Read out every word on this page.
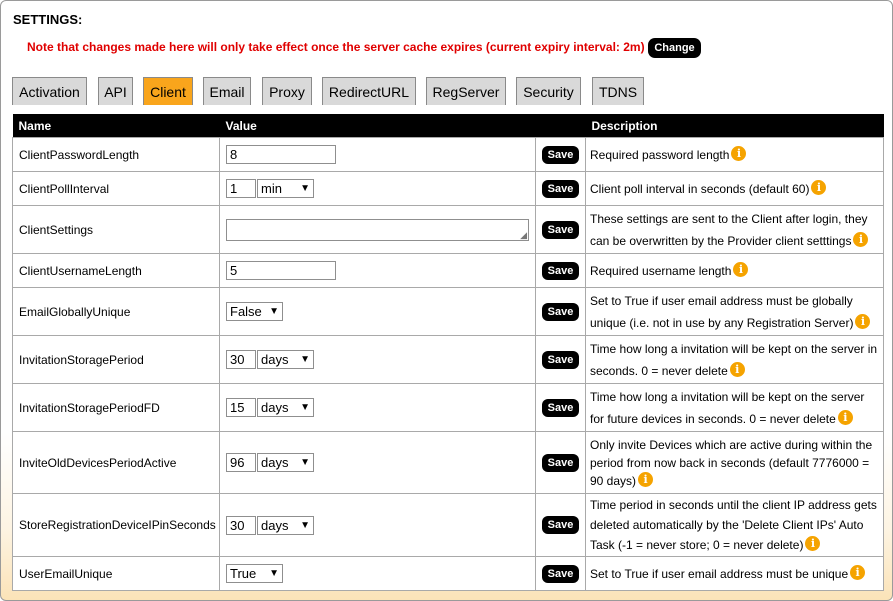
SETTINGS:
Note that changes made here will only take effect once the server cache expires (current expiry interval: 2m) Change
Activation	API	Client	Email	Proxy	RedirectURL	RegServer	Security	TDNS
Name	Value		Description
ClientPasswordLength	8	Save	Required password length i
ClientPollInterval	1 min ▼	Save	Client poll interval in seconds (default 60) i
ClientSettings	◢	Save	These settings are sent to the Client after login, they can be overwritten by the Provider client setttings i
ClientUsernameLength	5	Save	Required username length i
EmailGloballyUnique	False ▼	Save	Set to True if user email address must be globally unique (i.e. not in use by any Registration Server) i
InvitationStoragePeriod	30 days ▼	Save	Time how long a invitation will be kept on the server in seconds. 0 = never delete i
InvitationStoragePeriodFD	15 days ▼	Save	Time how long a invitation will be kept on the server for future devices in seconds. 0 = never delete i
InviteOldDevicesPeriodActive	96 days ▼	Save	Only invite Devices which are active during within the period from now back in seconds (default 7776000 = 90 days) i
StoreRegistrationDeviceIPinSeconds	30 days ▼	Save	Time period in seconds until the client IP address gets deleted automatically by the 'Delete Client IPs' Auto Task (-1 = never store; 0 = never delete) i
UserEmailUnique	True ▼	Save	Set to True if user email address must be unique i
